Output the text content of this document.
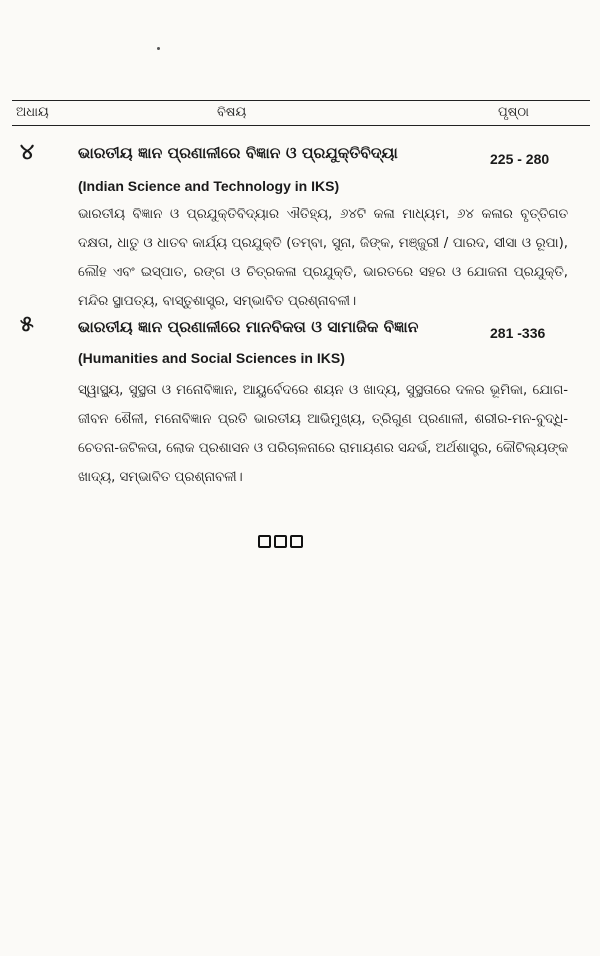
ଅଧାୟ	ବିଷୟ	ପୃଷ୍ଠା
୪	ଭାରତୀୟ ଜ୍ଞାନ ପ୍ରଣାଳୀରେ ବିଜ୍ଞାନ ଓ ପ୍ରଯୁକ୍ତିବିଦ୍ୟା	225 - 280
(Indian Science and Technology in IKS)
ଭାରତୀୟ ବିଜ୍ଞାନ ଓ ପ୍ରଯୁକ୍ତିବିଦ୍ୟାର ଐତିହ୍ୟ, ୬୪ଟି କଳା ମାଧ୍ୟମ, ୬୪ କଳାର ବୃତ୍ତିଗତ ଦକ୍ଷତା, ଧାତୁ ଓ ଧାତବ କାର୍ଯ୍ୟ ପ୍ରଯୁକ୍ତି (ତମ୍ବା, ସୁନା, ଜିଙ୍କ, ମଞ୍ଜୁରୀ / ପାରଦ, ସୀସା ଓ ରୂପା), ଲୌହ ଏବଂ ଇସ୍ପାତ, ରଙ୍ଗ ଓ ଚିତ୍ରକଳା ପ୍ରଯୁକ୍ତି, ଭାରତରେ ସହର ଓ ଯୋଜନା ପ୍ରଯୁକ୍ତି, ମନ୍ଦିର ସ୍ଥାପତ୍ୟ, ବାସ୍ତୁଶାସ୍ତ୍ର, ସମ୍ଭାବିତ ପ୍ରଶ୍ନାବଳୀ।
୫	ଭାରତୀୟ ଜ୍ଞାନ ପ୍ରଣାଳୀରେ ମାନବିକତା ଓ ସାମାଜିକ ବିଜ୍ଞାନ	281 -336
(Humanities and Social Sciences in IKS)
ସ୍ୱାସ୍ଥ୍ୟ, ସୁସ୍ଥତା ଓ ମନୋବିଜ୍ଞାନ, ଆୟୁର୍ବେଦରେ ଶୟନ ଓ ଖାଦ୍ୟ, ସୁସ୍ଥତାରେ ଦଳର ଭୂମିକା, ଯୋଗ-ଜୀବନ ଶୈଳୀ, ମନୋବିଜ୍ଞାନ ପ୍ରତି ଭାରତୀୟ ଆଭିମୁଖ୍ୟ, ତ୍ରିଗୁଣ ପ୍ରଣାଳୀ, ଶରୀର-ମନ-ବୁଦ୍ଧି-ଚେତନା-ଜଟିଳତା, ଲୋକ ପ୍ରଶାସନ ଓ ପରିଚାଳନାରେ ରାମାୟଣର ସନ୍ଦର୍ଭ, ଅର୍ଥଶାସ୍ତ୍ର, କୌଟିଲ୍ୟଙ୍କ ଖାଦ୍ୟ, ସମ୍ଭାବିତ ପ୍ରଶ୍ନାବଳୀ।
